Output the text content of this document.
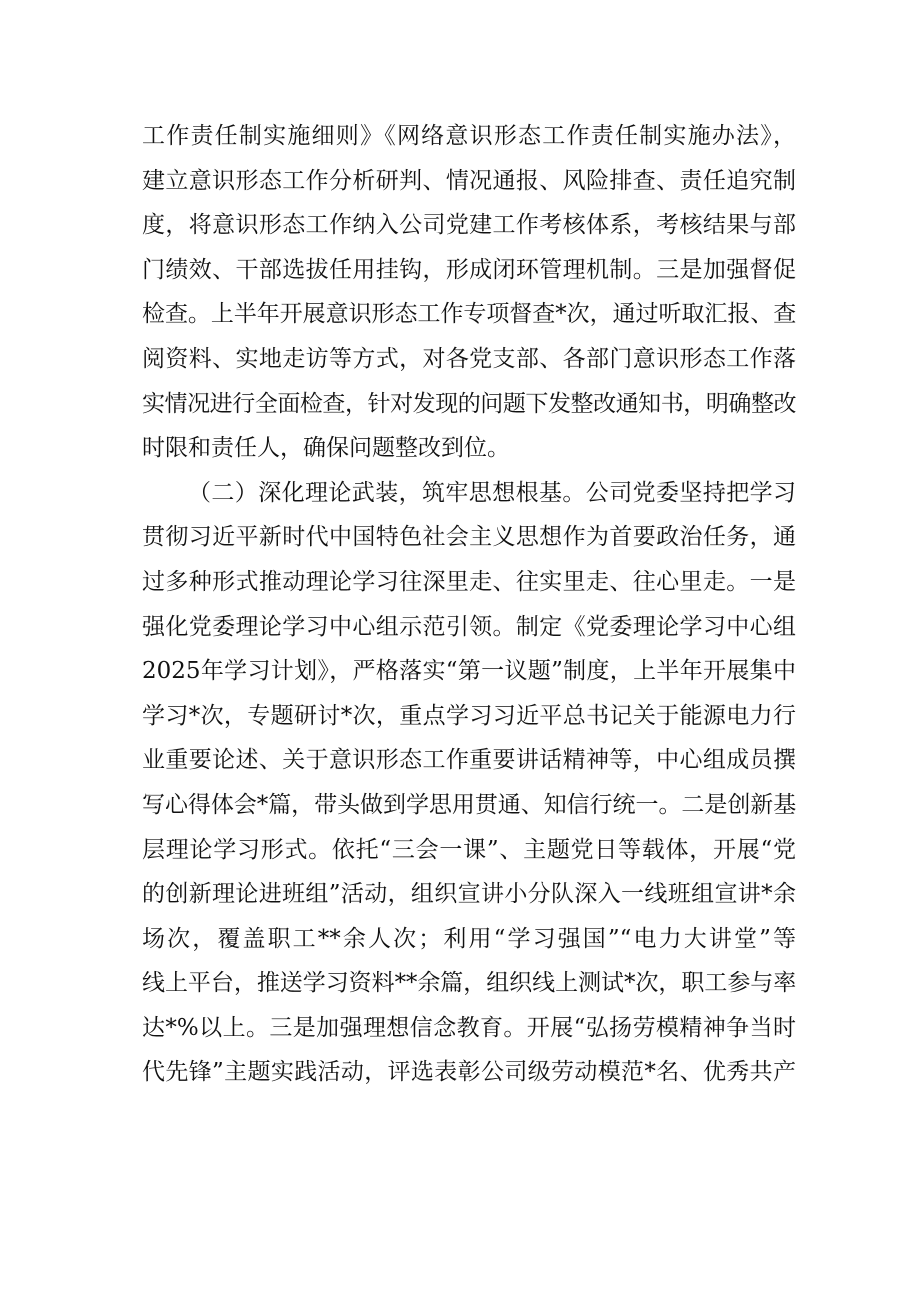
工作责任制实施细则》《网络意识形态工作责任制实施办法》，
建立意识形态工作分析研判、情况通报、风险排查、责任追究制
度，将意识形态工作纳入公司党建工作考核体系，考核结果与部
门绩效、干部选拔任用挂钩，形成闭环管理机制。三是加强督促
检查。上半年开展意识形态工作专项督查*次，通过听取汇报、查
阅资料、实地走访等方式，对各党支部、各部门意识形态工作落
实情况进行全面检查，针对发现的问题下发整改通知书，明确整改
时限和责任人，确保问题整改到位。
（二）深化理论武装，筑牢思想根基。公司党委坚持把学习
贯彻习近平新时代中国特色社会主义思想作为首要政治任务，通
过多种形式推动理论学习往深里走、往实里走、往心里走。一是
强化党委理论学习中心组示范引领。制定《党委理论学习中心组
2025年学习计划》，严格落实“第一议题”制度，上半年开展集中
学习*次，专题研讨*次，重点学习习近平总书记关于能源电力行
业重要论述、关于意识形态工作重要讲话精神等，中心组成员撰
写心得体会*篇，带头做到学思用贯通、知信行统一。二是创新基
层理论学习形式。依托“三会一课”、主题党日等载体，开展“党
的创新理论进班组”活动，组织宣讲小分队深入一线班组宣讲*余
场次，覆盖职工**余人次；利用“学习强国”“电力大讲堂”等
线上平台，推送学习资料**余篇，组织线上测试*次，职工参与率
达*%以上。三是加强理想信念教育。开展“弘扬劳模精神争当时
代先锋”主题实践活动，评选表彰公司级劳动模范*名、优秀共产
